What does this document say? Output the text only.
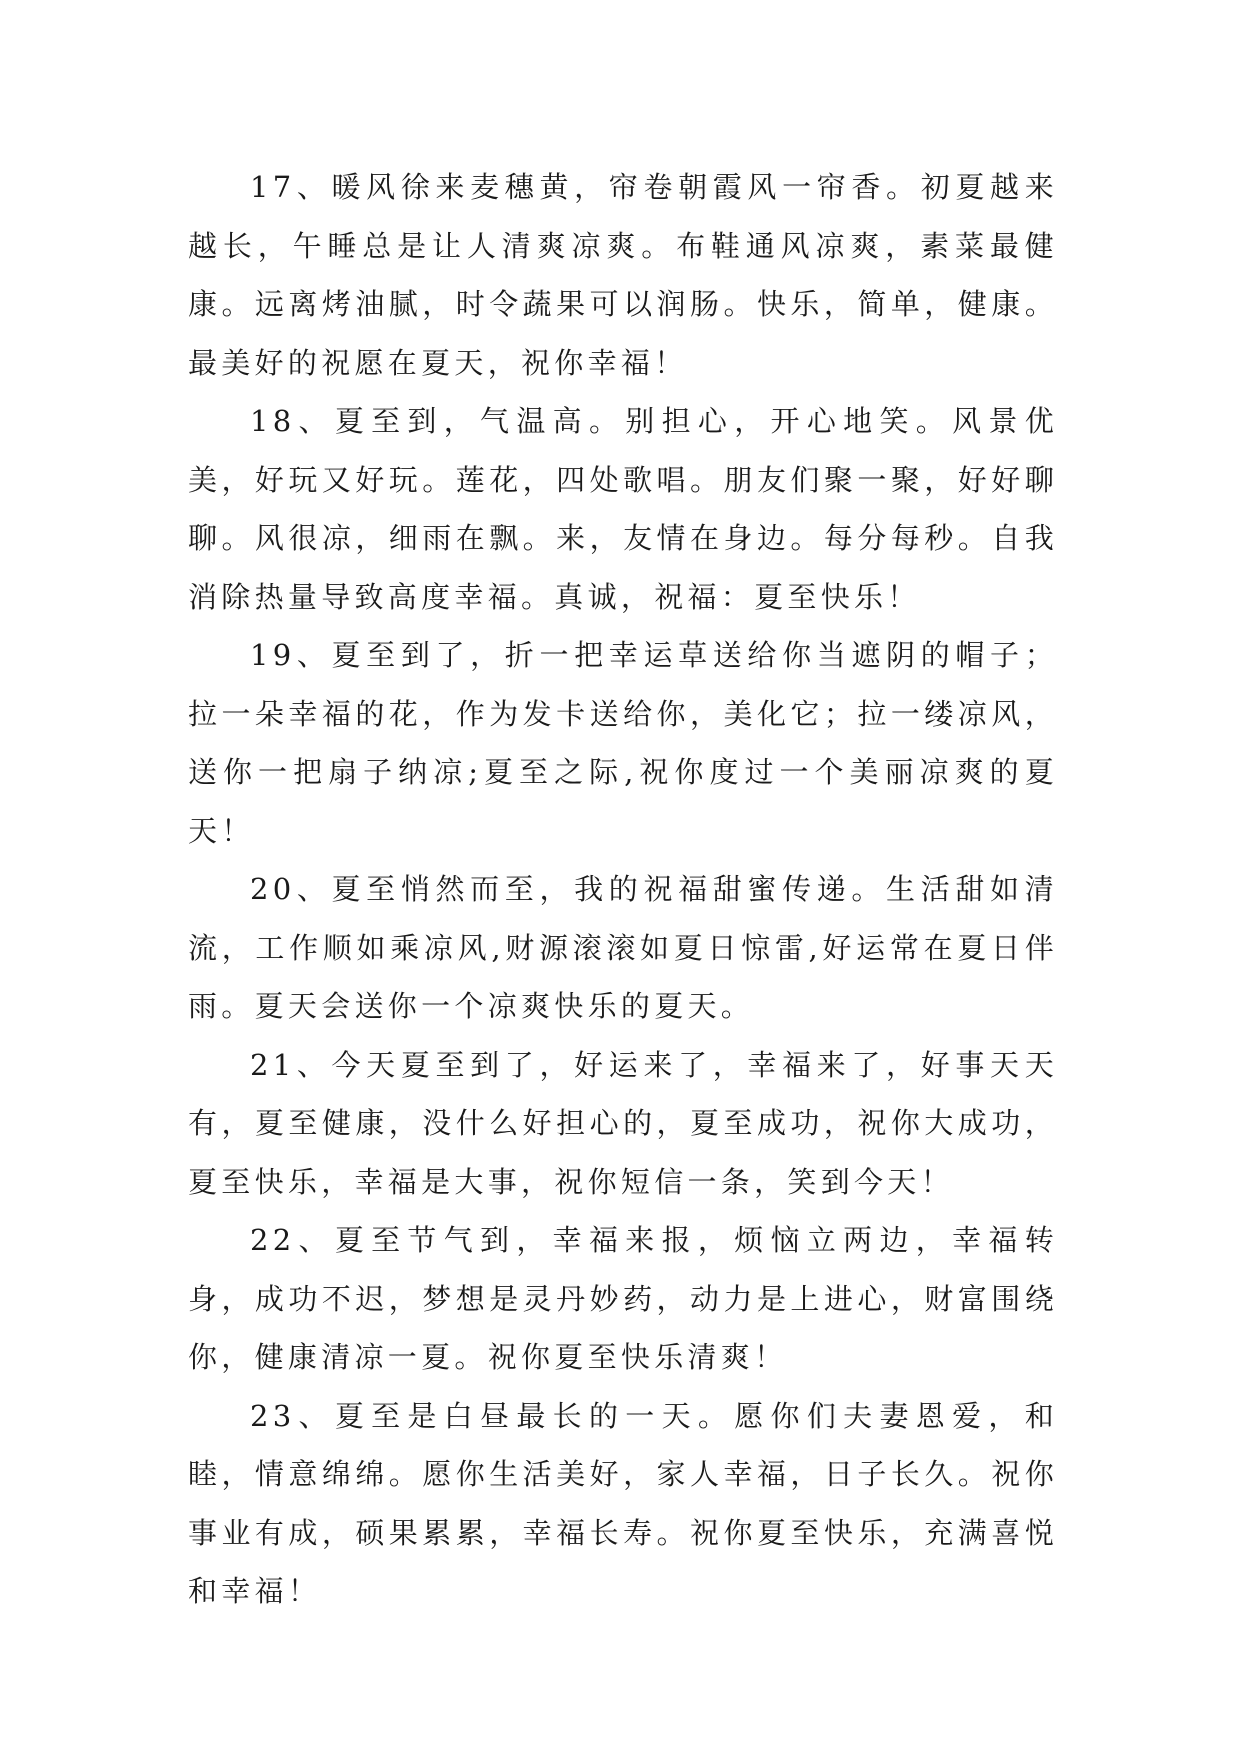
17、暖风徐来麦穗黄，帘卷朝霞风一帘香。初夏越来越长，午睡总是让人清爽凉爽。布鞋通风凉爽，素菜最健康。远离烤油腻，时令蔬果可以润肠。快乐，简单，健康。最美好的祝愿在夏天，祝你幸福！

18、夏至到，气温高。别担心，开心地笑。风景优美，好玩又好玩。莲花，四处歌唱。朋友们聚一聚，好好聊聊。风很凉，细雨在飘。来，友情在身边。每分每秒。自我消除热量导致高度幸福。真诚，祝福：夏至快乐！

19、夏至到了，折一把幸运草送给你当遮阴的帽子；拉一朵幸福的花，作为发卡送给你，美化它；拉一缕凉风，送你一把扇子纳凉;夏至之际,祝你度过一个美丽凉爽的夏天！

20、夏至悄然而至，我的祝福甜蜜传递。生活甜如清流，工作顺如乘凉风,财源滚滚如夏日惊雷,好运常在夏日伴雨。夏天会送你一个凉爽快乐的夏天。

21、今天夏至到了，好运来了，幸福来了，好事天天有，夏至健康，没什么好担心的，夏至成功，祝你大成功，夏至快乐，幸福是大事，祝你短信一条，笑到今天！

22、夏至节气到，幸福来报，烦恼立两边，幸福转身，成功不迟，梦想是灵丹妙药，动力是上进心，财富围绕你，健康清凉一夏。祝你夏至快乐清爽！

23、夏至是白昼最长的一天。愿你们夫妻恩爱，和睦，情意绵绵。愿你生活美好，家人幸福，日子长久。祝你事业有成，硕果累累，幸福长寿。祝你夏至快乐，充满喜悦和幸福！
